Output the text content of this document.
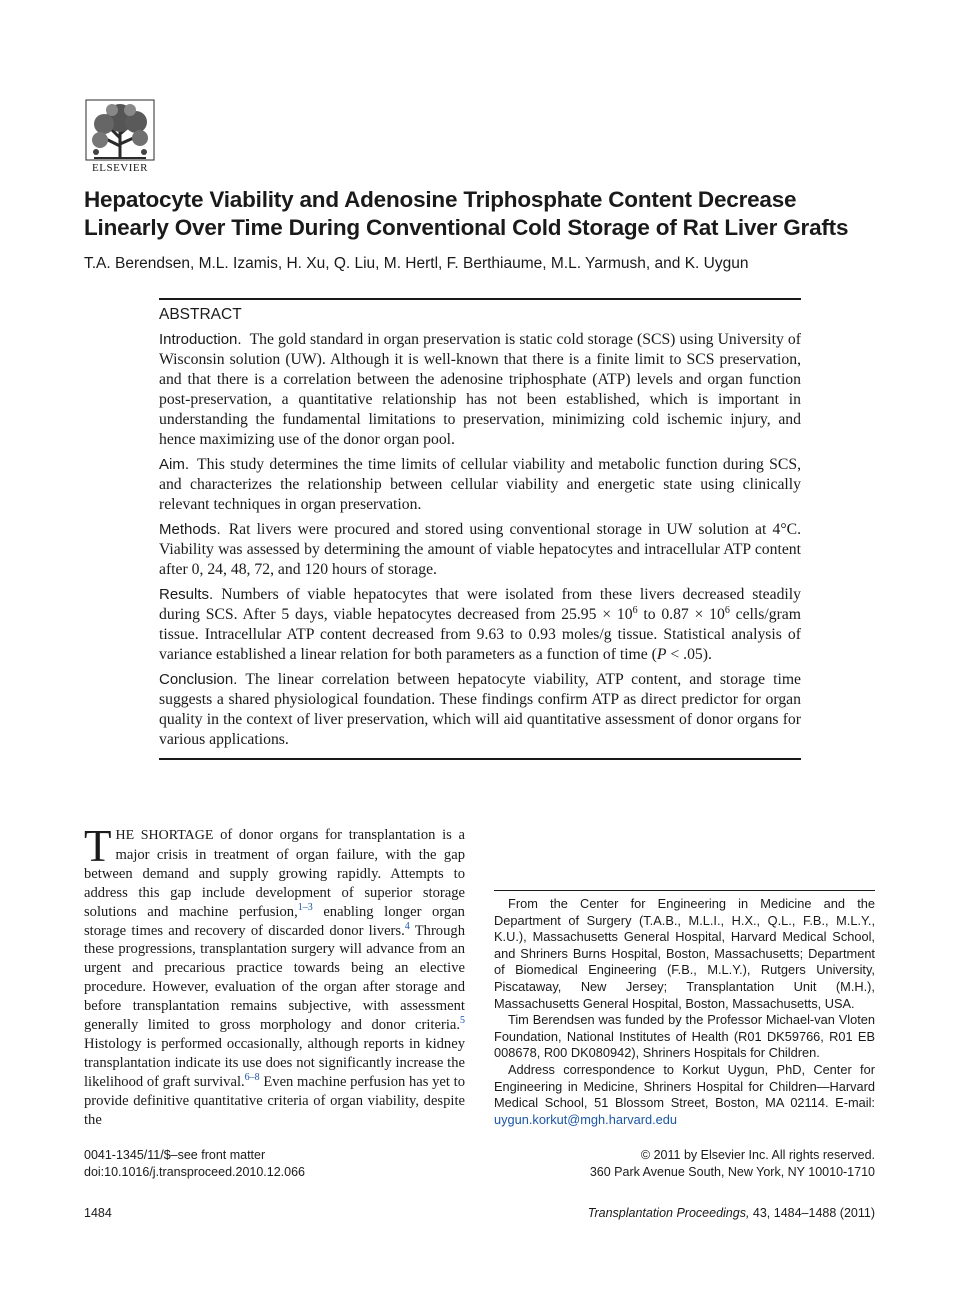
ELSEVIER
Hepatocyte Viability and Adenosine Triphosphate Content Decrease Linearly Over Time During Conventional Cold Storage of Rat Liver Grafts
T.A. Berendsen, M.L. Izamis, H. Xu, Q. Liu, M. Hertl, F. Berthiaume, M.L. Yarmush, and K. Uygun
ABSTRACT

Introduction. The gold standard in organ preservation is static cold storage (SCS) using University of Wisconsin solution (UW). Although it is well-known that there is a finite limit to SCS preservation, and that there is a correlation between the adenosine triphosphate (ATP) levels and organ function post-preservation, a quantitative relationship has not been established, which is important in understanding the fundamental limitations to preservation, minimizing cold ischemic injury, and hence maximizing use of the donor organ pool.

Aim. This study determines the time limits of cellular viability and metabolic function during SCS, and characterizes the relationship between cellular viability and energetic state using clinically relevant techniques in organ preservation.

Methods. Rat livers were procured and stored using conventional storage in UW solution at 4°C. Viability was assessed by determining the amount of viable hepatocytes and intracellular ATP content after 0, 24, 48, 72, and 120 hours of storage.

Results. Numbers of viable hepatocytes that were isolated from these livers decreased steadily during SCS. After 5 days, viable hepatocytes decreased from $25.95 \times 10^6$ to $0.87 \times 10^6$ cells/gram tissue. Intracellular ATP content decreased from 9.63 to 0.93 moles/g tissue. Statistical analysis of variance established a linear relation for both parameters as a function of time (P < .05).

Conclusion. The linear correlation between hepatocyte viability, ATP content, and storage time suggests a shared physiological foundation. These findings confirm ATP as direct predictor for organ quality in the context of liver preservation, which will aid quantitative assessment of donor organs for various applications.

THE SHORTAGE of donor organs for transplantation is a major crisis in treatment of organ failure, with the gap between demand and supply growing rapidly. Attempts to address this gap include development of superior storage solutions and machine perfusion,$^{1-3}$ enabling longer organ storage times and recovery of discarded donor livers.$^4$ Through these progressions, transplantation surgery will advance from an urgent and precarious practice towards being an elective procedure. However, evaluation of the organ after storage and before transplantation remains subjective, with assessment generally limited to gross morphology and donor criteria.$^5$ Histology is performed occasionally, although reports in kidney transplantation indicate its use does not significantly increase the likelihood of graft survival.$^{6-8}$ Even machine perfusion has yet to provide definitive quantitative criteria of organ viability, despite the

From the Center for Engineering in Medicine and the Department of Surgery (T.A.B., M.L.I., H.X., Q.L., F.B., M.L.Y., K.U.), Massachusetts General Hospital, Harvard Medical School, and Shriners Burns Hospital, Boston, Massachusetts; Department of Biomedical Engineering (F.B., M.L.Y.), Rutgers University, Piscataway, New Jersey; Transplantation Unit (M.H.), Massachusetts General Hospital, Boston, Massachusetts, USA.

Tim Berendsen was funded by the Professor Michael-van Vloten Foundation, National Institutes of Health (R01 DK59766, R01 EB 008678, R00 DK080942), Shriners Hospitals for Children.

Address correspondence to Korkut Uygun, PhD, Center for Engineering in Medicine, Shriners Hospital for Children—Harvard Medical School, 51 Blossom Street, Boston, MA 02114. E-mail: uygun.korkut@mgh.harvard.edu

0041-1345/11/$–see front matter
doi:10.1016/j.transproceed.2010.12.066
© 2011 by Elsevier Inc. All rights reserved.
360 Park Avenue South, New York, NY 10010-1710
1484	Transplantation Proceedings, 43, 1484–1488 (2011)
